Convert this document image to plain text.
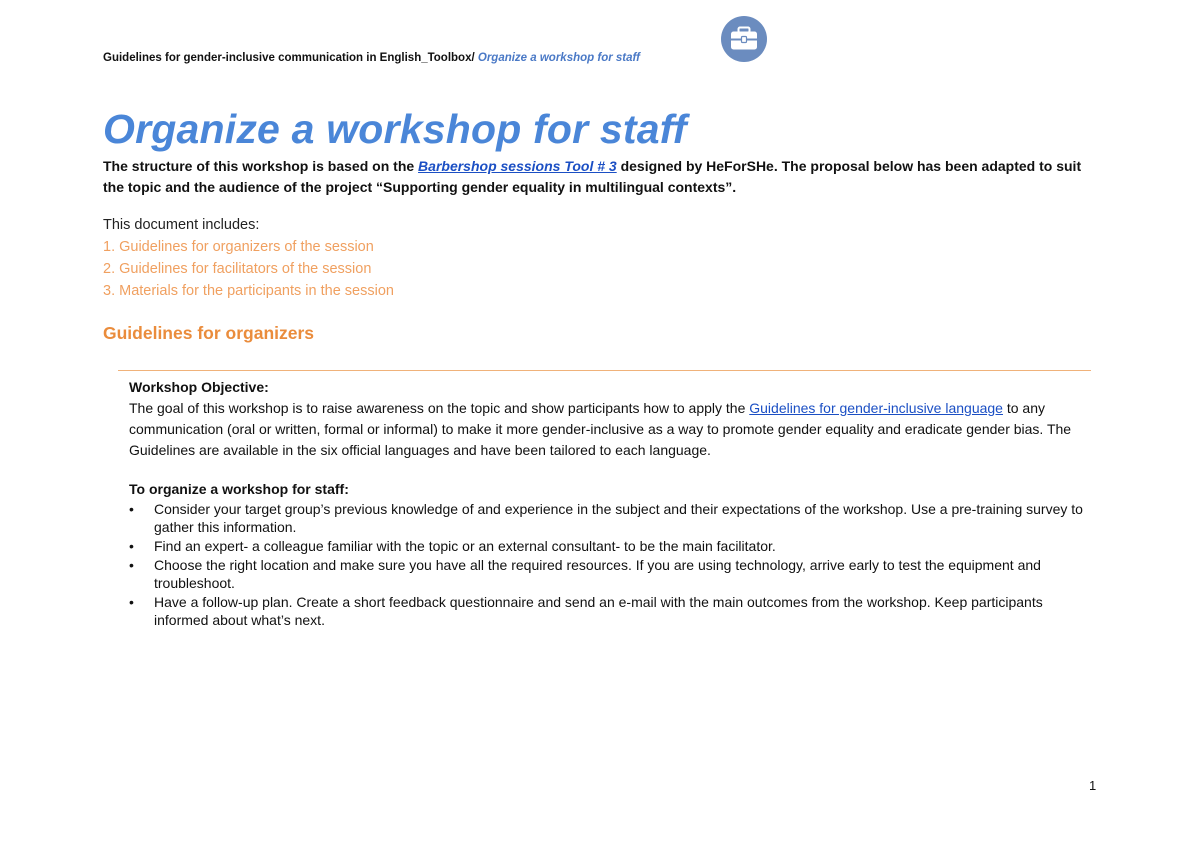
Guidelines for gender-inclusive communication in English_Toolbox/ Organize a workshop for staff
Organize a workshop for staff

The structure of this workshop is based on the Barbershop sessions Tool # 3 designed by HeForSHe. The proposal below has been adapted to suit the topic and the audience of the project “Supporting gender equality in multilingual contexts”.

This document includes:
1. Guidelines for organizers of the session
2. Guidelines for facilitators of the session
3. Materials for the participants in the session
Guidelines for organizers

Workshop Objective:

The goal of this workshop is to raise awareness on the topic and show participants how to apply the Guidelines for gender-inclusive language to any communication (oral or written, formal or informal) to make it more gender-inclusive as a way to promote gender equality and eradicate gender bias. The Guidelines are available in the six official languages and have been tailored to each language.

To organize a workshop for staff:

• Consider your target group’s previous knowledge of and experience in the subject and their expectations of the workshop. Use a pre-training survey to gather this information.
• Find an expert- a colleague familiar with the topic or an external consultant- to be the main facilitator.
• Choose the right location and make sure you have all the required resources. If you are using technology, arrive early to test the equipment and troubleshoot.
• Have a follow-up plan. Create a short feedback questionnaire and send an e-mail with the main outcomes from the workshop. Keep participants informed about what’s next.
1
